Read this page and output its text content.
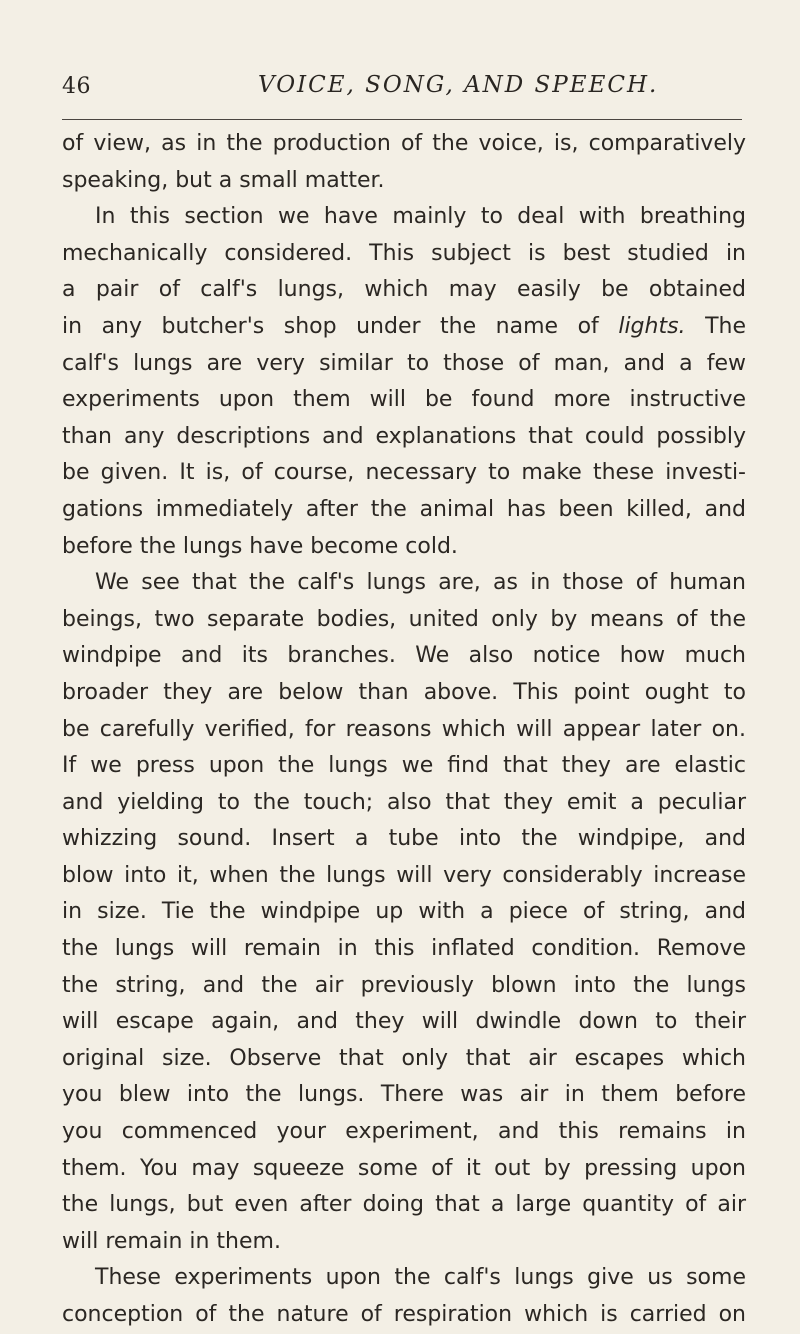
46	VOICE, SONG, AND SPEECH.
of view, as in the production of the voice, is, comparatively
speaking, but a small matter.
In this section we have mainly to deal with breathing
mechanically considered. This subject is best studied in
a pair of calf's lungs, which may easily be obtained
in any butcher's shop under the name of lights. The
calf's lungs are very similar to those of man, and a few
experiments upon them will be found more instructive
than any descriptions and explanations that could possibly
be given. It is, of course, necessary to make these investi-
gations immediately after the animal has been killed, and
before the lungs have become cold.
We see that the calf's lungs are, as in those of human
beings, two separate bodies, united only by means of the
windpipe and its branches. We also notice how much
broader they are below than above. This point ought to
be carefully verified, for reasons which will appear later on.
If we press upon the lungs we find that they are elastic
and yielding to the touch; also that they emit a peculiar
whizzing sound. Insert a tube into the windpipe, and
blow into it, when the lungs will very considerably increase
in size. Tie the windpipe up with a piece of string, and
the lungs will remain in this inflated condition. Remove
the string, and the air previously blown into the lungs
will escape again, and they will dwindle down to their
original size. Observe that only that air escapes which
you blew into the lungs. There was air in them before
you commenced your experiment, and this remains in
them. You may squeeze some of it out by pressing upon
the lungs, but even after doing that a large quantity of air
will remain in them.
These experiments upon the calf's lungs give us some
conception of the nature of respiration which is carried on
